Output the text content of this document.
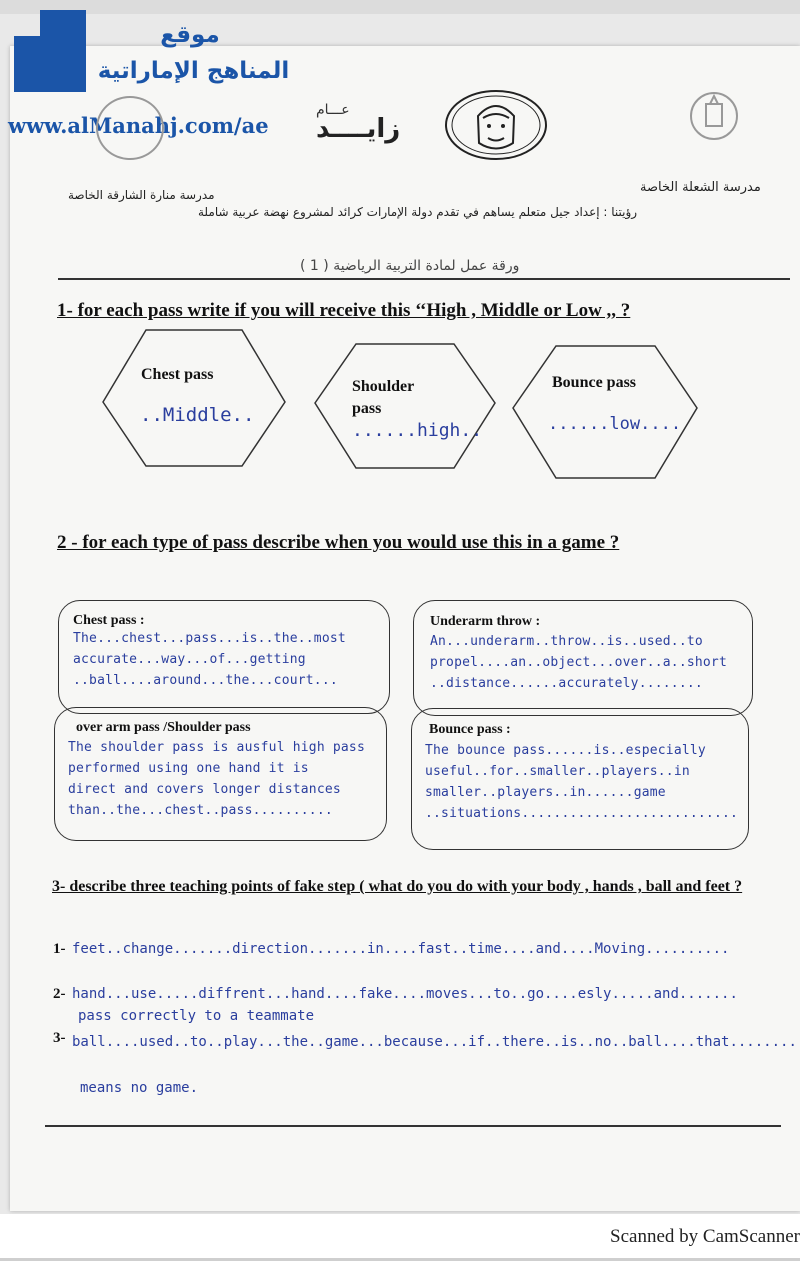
موقع
المناهج الإماراتية
www.alManahj.com/ae
عـــام
زايــــد
مدرسة الشعلة الخاصة
مدرسة منارة الشارقة الخاصة
رؤيتنا : إعداد جيل متعلم يساهم في تقدم دولة الإمارات كرائد لمشروع نهضة عربية شاملة
ورقة عمل لمادة التربية الرياضية ( 1 )
1- for each pass write if you will receive this ‘‘High , Middle or Low ,, ?
Chest pass
..Middle..
Shoulder pass
......high..
Bounce pass
......low....
2 - for each type of pass describe when you would use this in a game ?
Chest pass :
The...chest...pass...is..the..most
accurate...way...of...getting
..ball....around...the...court...
Underarm throw :
An...underarm..throw..is..used..to
propel....an..object...over..a..short
..distance......accurately........
over arm pass /Shoulder pass
The shoulder pass is ausful high pass
performed using one hand it is
direct and covers longer distances
than..the...chest..pass..........
Bounce pass :
The bounce pass......is..especially
useful..for..smaller..players..in
smaller..players..in......game
..situations...........................
3- describe three teaching points of fake step ( what do you do with your body , hands , ball and feet ?
1- feet..change.......direction.......in....fast..time....and....Moving..........
2- hand...use.....diffrent...hand....fake....moves...to..go....esly.....and.......
pass correctly to a teammate
3- ball....used..to..play...the..game...because...if..there..is..no..ball....that........
means no game.
Scanned by CamScanner
